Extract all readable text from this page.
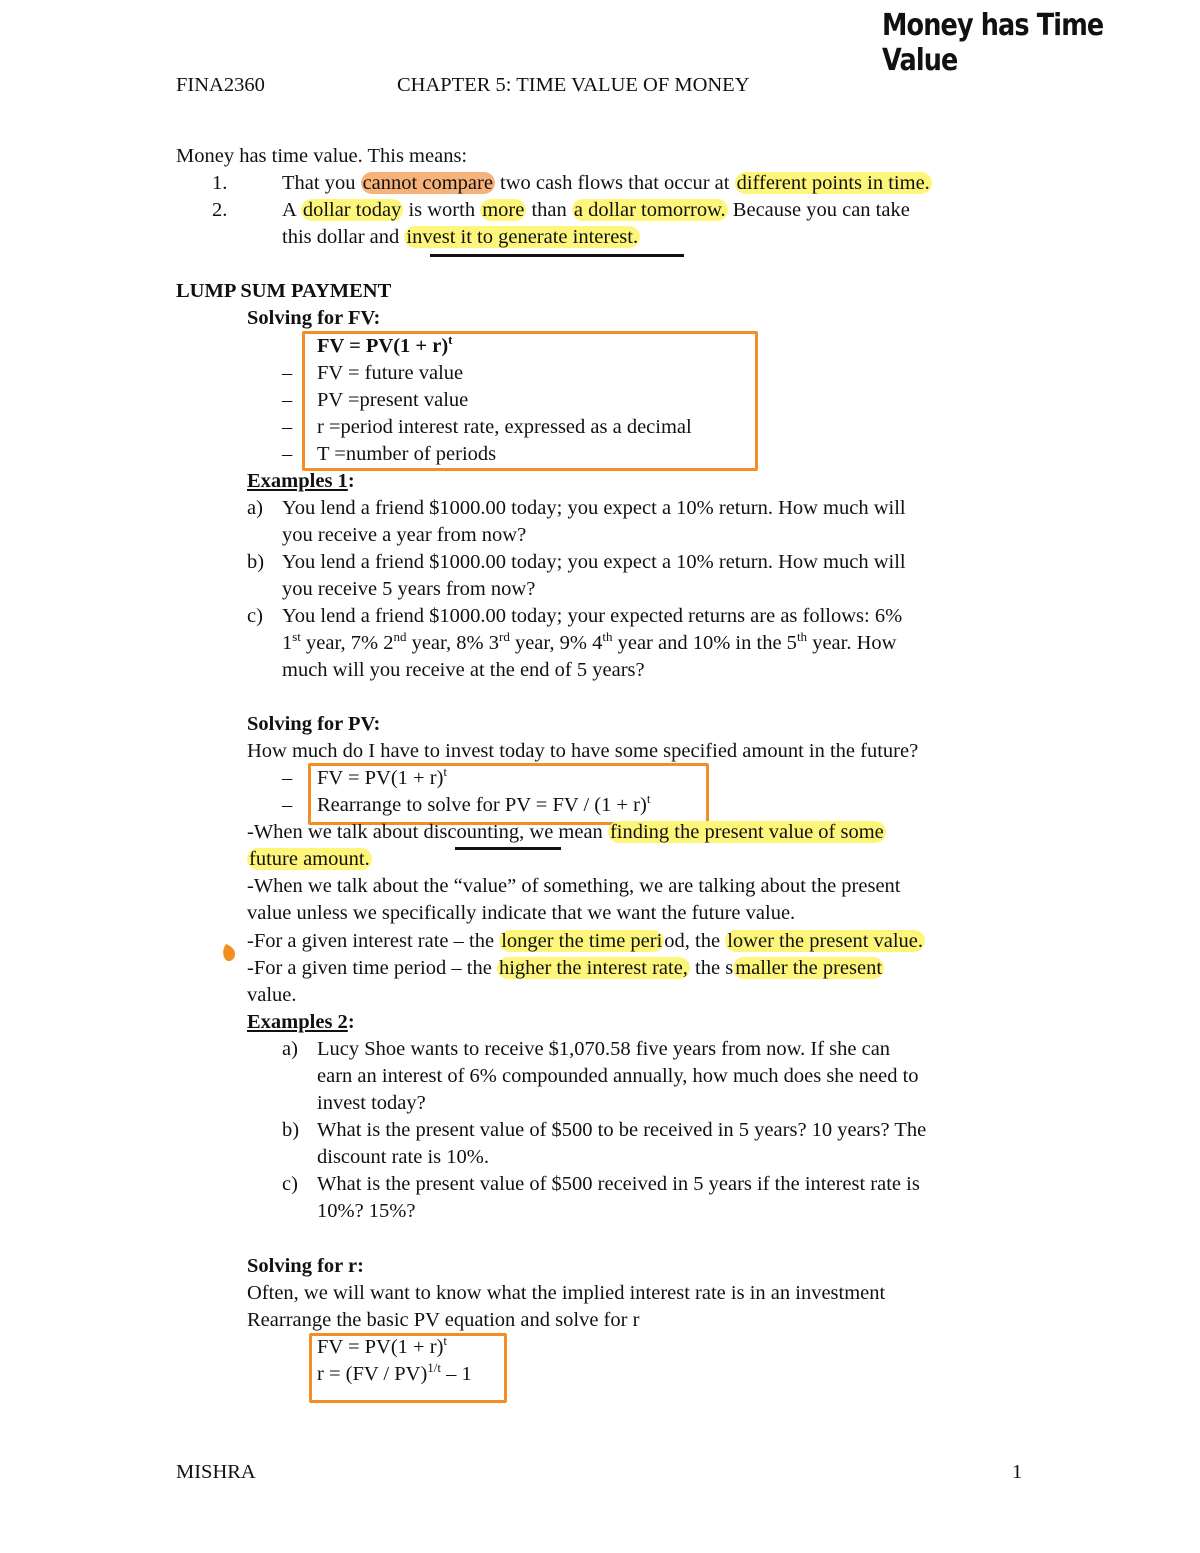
Money has Time Value
FINA2360	CHAPTER 5: TIME VALUE OF MONEY
Money has time value. This means:
1.	That you cannot compare two cash flows that occur at different points in time.
2.	A dollar today is worth more than a dollar tomorrow. Because you can take
this dollar and invest it to generate interest.
LUMP SUM PAYMENT
Solving for FV:
FV = $PV(1 + r)^t$
– FV = future value
– PV =present value
– r =period interest rate, expressed as a decimal
– T =number of periods
Examples 1:
a) You lend a friend $1000.00 today; you expect a 10% return. How much will
you receive a year from now?
b) You lend a friend $1000.00 today; you expect a 10% return. How much will
you receive 5 years from now?
c) You lend a friend $1000.00 today; your expected returns are as follows: 6%
1st year, 7% 2nd year, 8% 3rd year, 9% 4th year and 10% in the 5th year. How
much will you receive at the end of 5 years?
Solving for PV:
How much do I have to invest today to have some specified amount in the future?
– FV = $PV(1 + r)^t$
– Rearrange to solve for PV = FV / $(1 + r)^t$
-When we talk about discounting, we mean finding the present value of some
future amount.
-When we talk about the “value” of something, we are talking about the present
value unless we specifically indicate that we want the future value.
-For a given interest rate – the longer the time period, the lower the present value.
-For a given time period – the higher the interest rate, the smaller the present
value.
Examples 2:
a) Lucy Shoe wants to receive $1,070.58 five years from now. If she can
earn an interest of 6% compounded annually, how much does she need to
invest today?
b) What is the present value of $500 to be received in 5 years? 10 years? The
discount rate is 10%.
c) What is the present value of $500 received in 5 years if the interest rate is
10%? 15%?
Solving for r:
Often, we will want to know what the implied interest rate is in an investment
Rearrange the basic PV equation and solve for r
FV = $PV(1 + r)^t$
r = (FV / PV)$^{1/t}$ – 1
MISHRA	1
